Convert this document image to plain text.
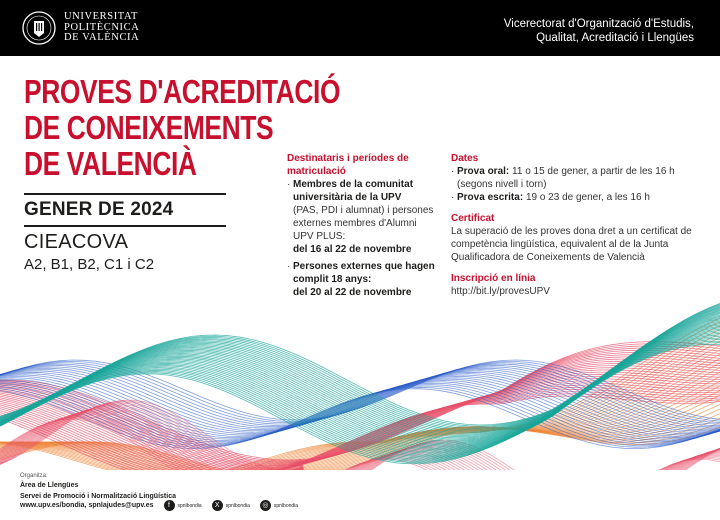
UNIVERSITAT
POLITÈCNICA
DE VALÈNCIA
Vicerectorat d'Organització d'Estudis,
Qualitat, Acreditació i Llengües
PROVES D'ACREDITACIÓ
DE CONEIXEMENTS
DE VALENCIÀ
GENER DE 2024
CIEACOVA
A2, B1, B2, C1 i C2
Destinataris i períodes de matriculació
· Membres de la comunitat universitària de la UPV
(PAS, PDI i alumnat) i persones externes membres d'Alumni UPV PLUS:
del 16 al 22 de novembre
· Persones externes que hagen complit 18 anys:
del 20 al 22 de novembre
Dates
· Prova oral: 11 o 15 de gener, a partir de les 16 h
(segons nivell i torn)
· Prova escrita: 19 o 23 de gener, a les 16 h
Certificat
La superació de les proves dona dret a un certificat de competència lingüística, equivalent al de la Junta Qualificadora de Coneixements de Valencià
Inscripció en línia
http://bit.ly/provesUPV
Organitza:
Àrea de Llengües
Servei de Promoció i Normalització Lingüística
www.upv.es/bondia, spnlajudes@upv.es	f	spnlbondia	X	spnlbondia	◎	spnlbondia
